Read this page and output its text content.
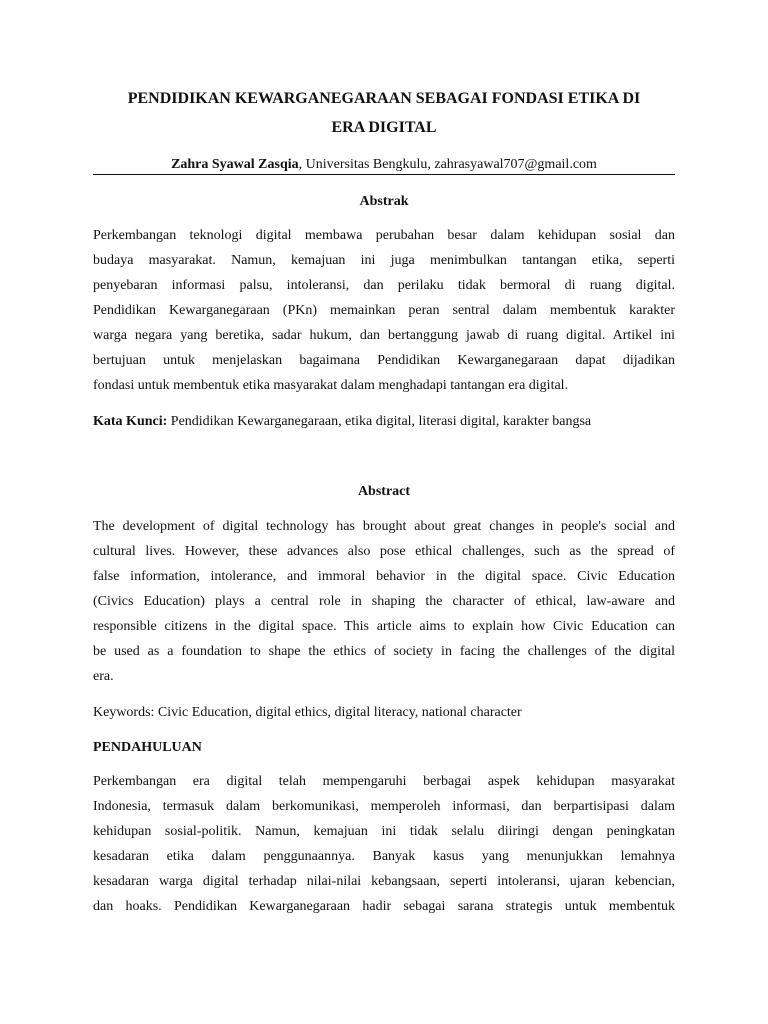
PENDIDIKAN KEWARGANEGARAAN SEBAGAI FONDASI ETIKA DI
ERA DIGITAL
Zahra Syawal Zasqia, Universitas Bengkulu, zahrasyawal707@gmail.com
Abstrak
Perkembangan teknologi digital membawa perubahan besar dalam kehidupan sosial dan
budaya masyarakat. Namun, kemajuan ini juga menimbulkan tantangan etika, seperti
penyebaran informasi palsu, intoleransi, dan perilaku tidak bermoral di ruang digital.
Pendidikan Kewarganegaraan (PKn) memainkan peran sentral dalam membentuk karakter
warga negara yang beretika, sadar hukum, dan bertanggung jawab di ruang digital. Artikel ini
bertujuan untuk menjelaskan bagaimana Pendidikan Kewarganegaraan dapat dijadikan
fondasi untuk membentuk etika masyarakat dalam menghadapi tantangan era digital.

Kata Kunci: Pendidikan Kewarganegaraan, etika digital, literasi digital, karakter bangsa

Abstract
The development of digital technology has brought about great changes in people's social and
cultural lives. However, these advances also pose ethical challenges, such as the spread of
false information, intolerance, and immoral behavior in the digital space. Civic Education
(Civics Education) plays a central role in shaping the character of ethical, law-aware and
responsible citizens in the digital space. This article aims to explain how Civic Education can
be used as a foundation to shape the ethics of society in facing the challenges of the digital
era.

Keywords: Civic Education, digital ethics, digital literacy, national character

PENDAHULUAN
Perkembangan era digital telah mempengaruhi berbagai aspek kehidupan masyarakat
Indonesia, termasuk dalam berkomunikasi, memperoleh informasi, dan berpartisipasi dalam
kehidupan sosial-politik. Namun, kemajuan ini tidak selalu diiringi dengan peningkatan
kesadaran etika dalam penggunaannya. Banyak kasus yang menunjukkan lemahnya
kesadaran warga digital terhadap nilai-nilai kebangsaan, seperti intoleransi, ujaran kebencian,
dan hoaks. Pendidikan Kewarganegaraan hadir sebagai sarana strategis untuk membentuk
